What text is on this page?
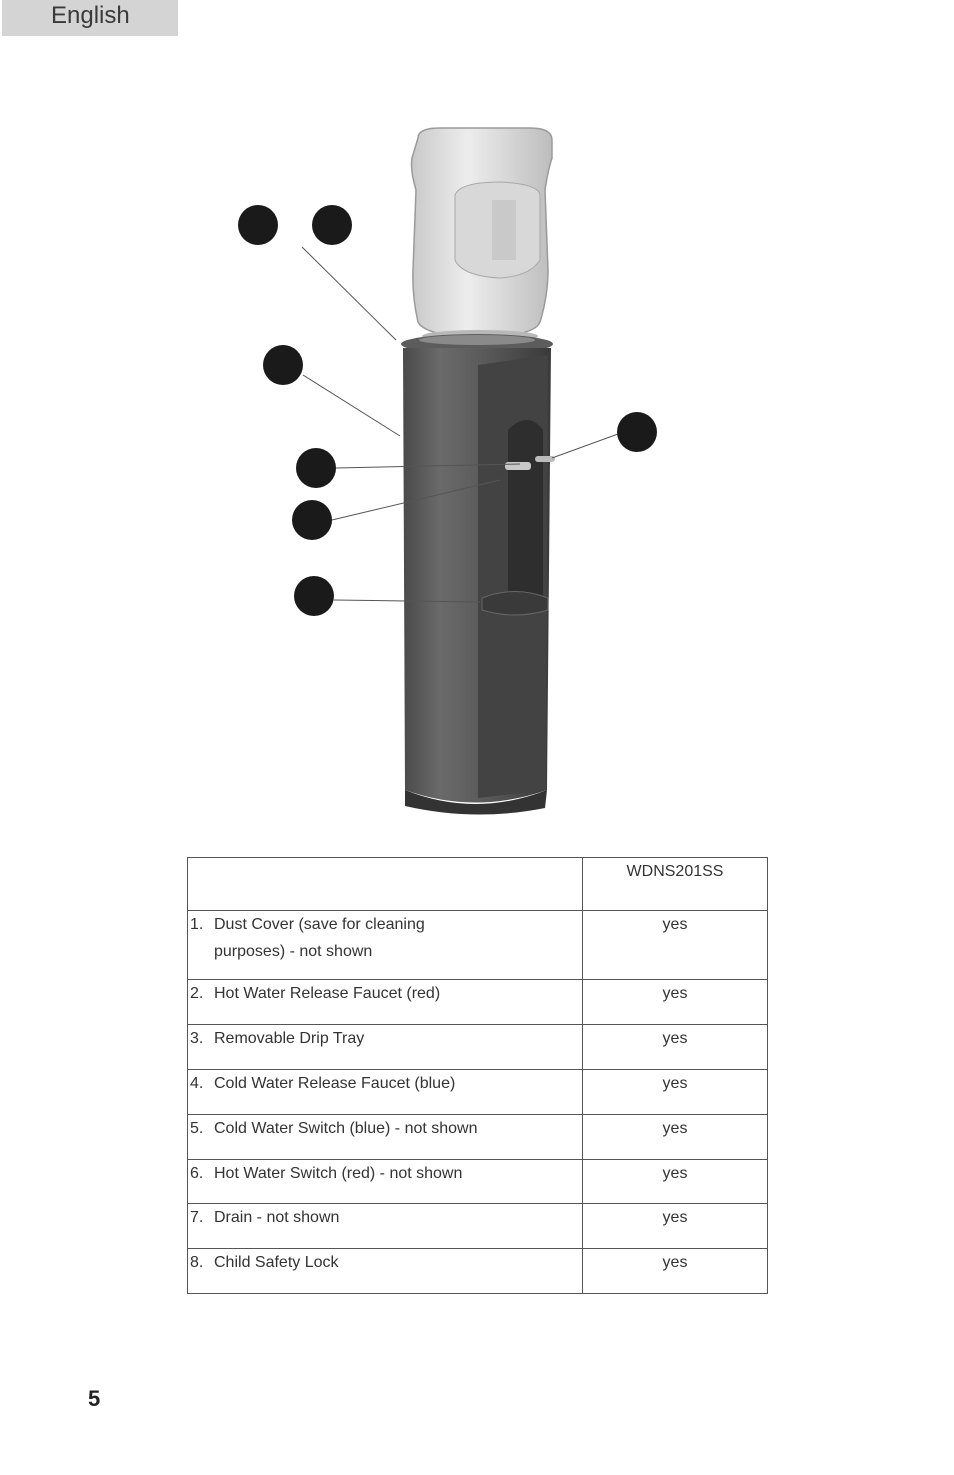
English
	WDNS201SS

1. Dust Cover (save for cleaning purposes) - not shown	yes

2. Hot Water Release Faucet (red)	yes

3. Removable Drip Tray	yes

4. Cold Water Release Faucet (blue)	yes

5. Cold Water Switch (blue) - not shown	yes

6. Hot Water Switch (red) - not shown	yes

7. Drain - not shown	yes

8. Child Safety Lock	yes
5
